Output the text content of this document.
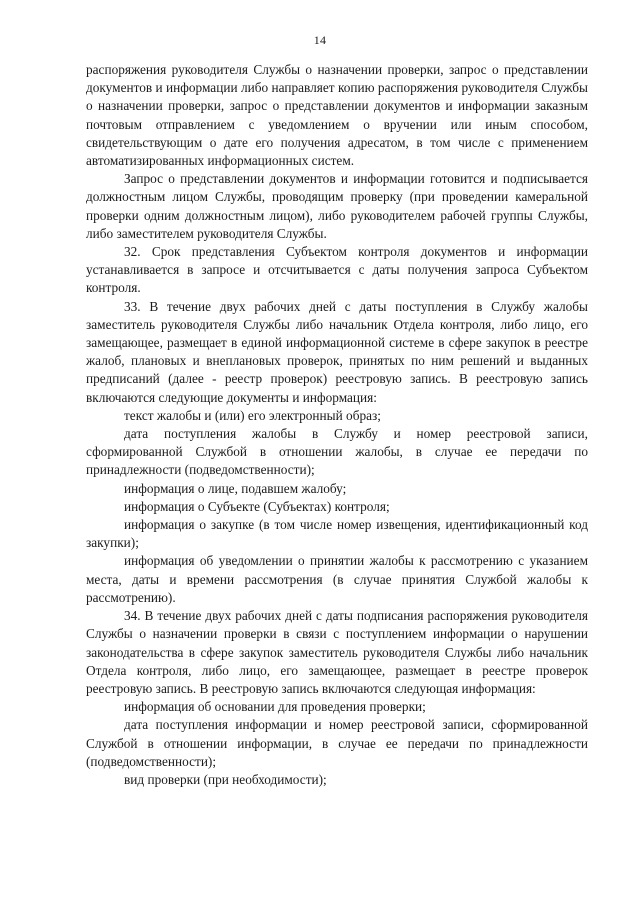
14

распоряжения руководителя Службы о назначении проверки, запрос о представлении документов и информации либо направляет копию распоряжения руководителя Службы о назначении проверки, запрос о представлении документов и информации заказным почтовым отправлением с уведомлением о вручении или иным способом, свидетельствующим о дате его получения адресатом, в том числе с применением автоматизированных информационных систем.

Запрос о представлении документов и информации готовится и подписывается должностным лицом Службы, проводящим проверку (при проведении камеральной проверки одним должностным лицом), либо руководителем рабочей группы Службы, либо заместителем руководителя Службы.

32. Срок представления Субъектом контроля документов и информации устанавливается в запросе и отсчитывается с даты получения запроса Субъектом контроля.

33. В течение двух рабочих дней с даты поступления в Службу жалобы заместитель руководителя Службы либо начальник Отдела контроля, либо лицо, его замещающее, размещает в единой информационной системе в сфере закупок в реестре жалоб, плановых и внеплановых проверок, принятых по ним решений и выданных предписаний (далее - реестр проверок) реестровую запись. В реестровую запись включаются следующие документы и информация:

текст жалобы и (или) его электронный образ;

дата поступления жалобы в Службу и номер реестровой записи, сформированной Службой в отношении жалобы, в случае ее передачи по принадлежности (подведомственности);

информация о лице, подавшем жалобу;

информация о Субъекте (Субъектах) контроля;

информация о закупке (в том числе номер извещения, идентификационный код закупки);

информация об уведомлении о принятии жалобы к рассмотрению с указанием места, даты и времени рассмотрения (в случае принятия Службой жалобы к рассмотрению).

34. В течение двух рабочих дней с даты подписания распоряжения руководителя Службы о назначении проверки в связи с поступлением информации о нарушении законодательства в сфере закупок заместитель руководителя Службы либо начальник Отдела контроля, либо лицо, его замещающее, размещает в реестре проверок реестровую запись. В реестровую запись включаются следующая информация:

информация об основании для проведения проверки;

дата поступления информации и номер реестровой записи, сформированной Службой в отношении информации, в случае ее передачи по принадлежности (подведомственности);

вид проверки (при необходимости);
